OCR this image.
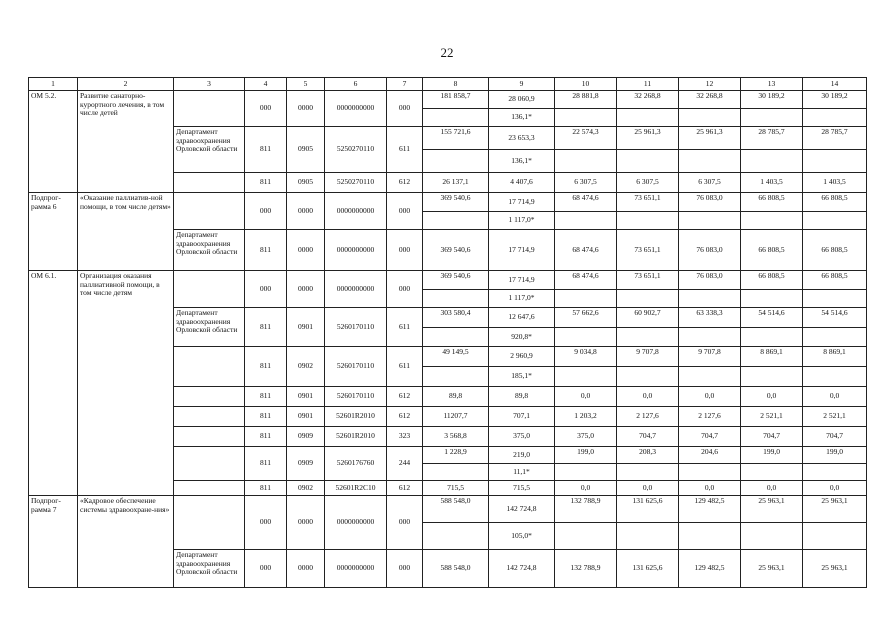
22
1	2	3	4	5	6	7	8	9	10	11	12	13	14
ОМ 5.2.	Развитие санаторно-курортного лечения, в том числе детей		000	0000	0000000000	000	181 858,7	28 060,9	28 881,8	32 268,8	32 268,8	30 189,2	30 189,2
								136,1*					
		Департамент здравоохранения Орловской области	811	0905	5250270110	611	155 721,6	23 653,3	22 574,3	25 961,3	25 961,3	28 785,7	28 785,7
								136,1*					
			811	0905	5250270110	612	26 137,1	4 407,6	6 307,5	6 307,5	6 307,5	1 403,5	1 403,5
Подпрог-рамма 6	«Оказание паллиатив-ной помощи, в том числе детям»		000	0000	0000000000	000	369 540,6	17 714,9	68 474,6	73 651,1	76 083,0	66 808,5	66 808,5
								1 117,0*					
		Департамент здравоохранения Орловской области	811	0000	0000000000	000	369 540,6	17 714,9	68 474,6	73 651,1	76 083,0	66 808,5	66 808,5
ОМ 6.1.	Организация оказания паллиативной помощи, в том числе детям		000	0000	0000000000	000	369 540,6	17 714,9	68 474,6	73 651,1	76 083,0	66 808,5	66 808,5
								1 117,0*					
		Департамент здравоохранения Орловской области	811	0901	5260170110	611	303 580,4	12 647,6	57 662,6	60 902,7	63 338,3	54 514,6	54 514,6
								920,8*					
			811	0902	5260170110	611	49 149,5	2 960,9	9 034,8	9 707,8	9 707,8	8 869,1	8 869,1
								185,1*					
			811	0901	5260170110	612	89,8	89,8	0,0	0,0	0,0	0,0	0,0
			811	0901	52601R2010	612	11207,7	707,1	1 203,2	2 127,6	2 127,6	2 521,1	2 521,1
			811	0909	52601R2010	323	3 568,8	375,0	375,0	704,7	704,7	704,7	704,7
			811	0909	5260176760	244	1 228,9	219,0	199,0	208,3	204,6	199,0	199,0
								11,1*					
			811	0902	52601R2C10	612	715,5	715,5	0,0	0,0	0,0	0,0	0,0
Подпрог-рамма 7	«Кадровое обеспечение системы здравоохране-ния»		000	0000	0000000000	000	588 548,0	142 724,8	132 788,9	131 625,6	129 482,5	25 963,1	25 963,1
								105,0*					
		Департамент здравоохранения Орловской области	000	0000	0000000000	000	588 548,0	142 724,8	132 788,9	131 625,6	129 482,5	25 963,1	25 963,1
